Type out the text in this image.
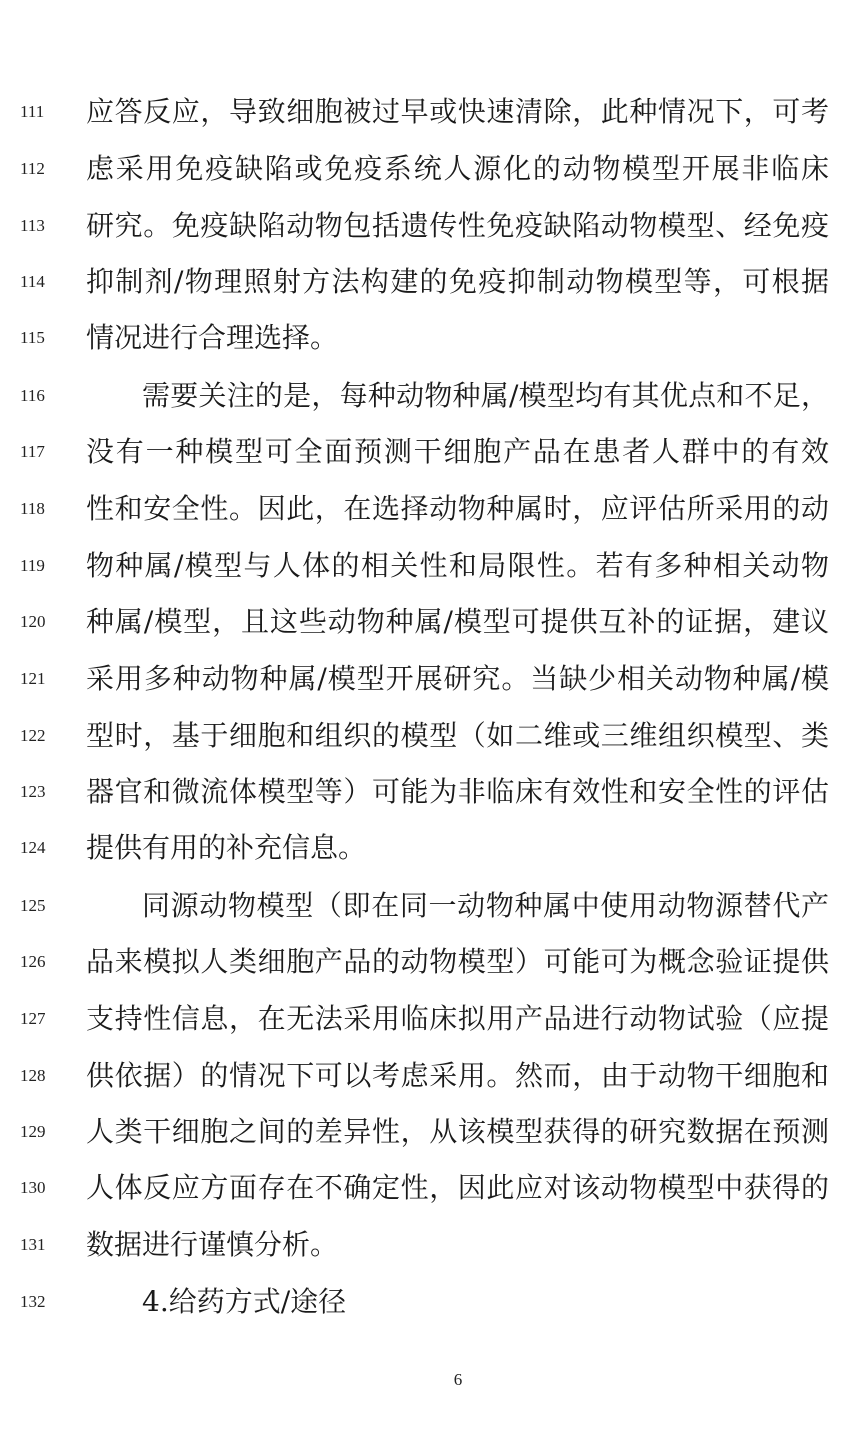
111	应答反应，导致细胞被过早或快速清除，此种情况下，可考
112	虑采用免疫缺陷或免疫系统人源化的动物模型开展非临床
113	研究。免疫缺陷动物包括遗传性免疫缺陷动物模型、经免疫
114	抑制剂/物理照射方法构建的免疫抑制动物模型等，可根据
115	情况进行合理选择。
116	需要关注的是，每种动物种属/模型均有其优点和不足，
117	没有一种模型可全面预测干细胞产品在患者人群中的有效
118	性和安全性。因此，在选择动物种属时，应评估所采用的动
119	物种属/模型与人体的相关性和局限性。若有多种相关动物
120	种属/模型，且这些动物种属/模型可提供互补的证据，建议
121	采用多种动物种属/模型开展研究。当缺少相关动物种属/模
122	型时，基于细胞和组织的模型（如二维或三维组织模型、类
123	器官和微流体模型等）可能为非临床有效性和安全性的评估
124	提供有用的补充信息。
125	同源动物模型（即在同一动物种属中使用动物源替代产
126	品来模拟人类细胞产品的动物模型）可能可为概念验证提供
127	支持性信息，在无法采用临床拟用产品进行动物试验（应提
128	供依据）的情况下可以考虑采用。然而，由于动物干细胞和
129	人类干细胞之间的差异性，从该模型获得的研究数据在预测
130	人体反应方面存在不确定性，因此应对该动物模型中获得的
131	数据进行谨慎分析。
132	4.给药方式/途径
6
